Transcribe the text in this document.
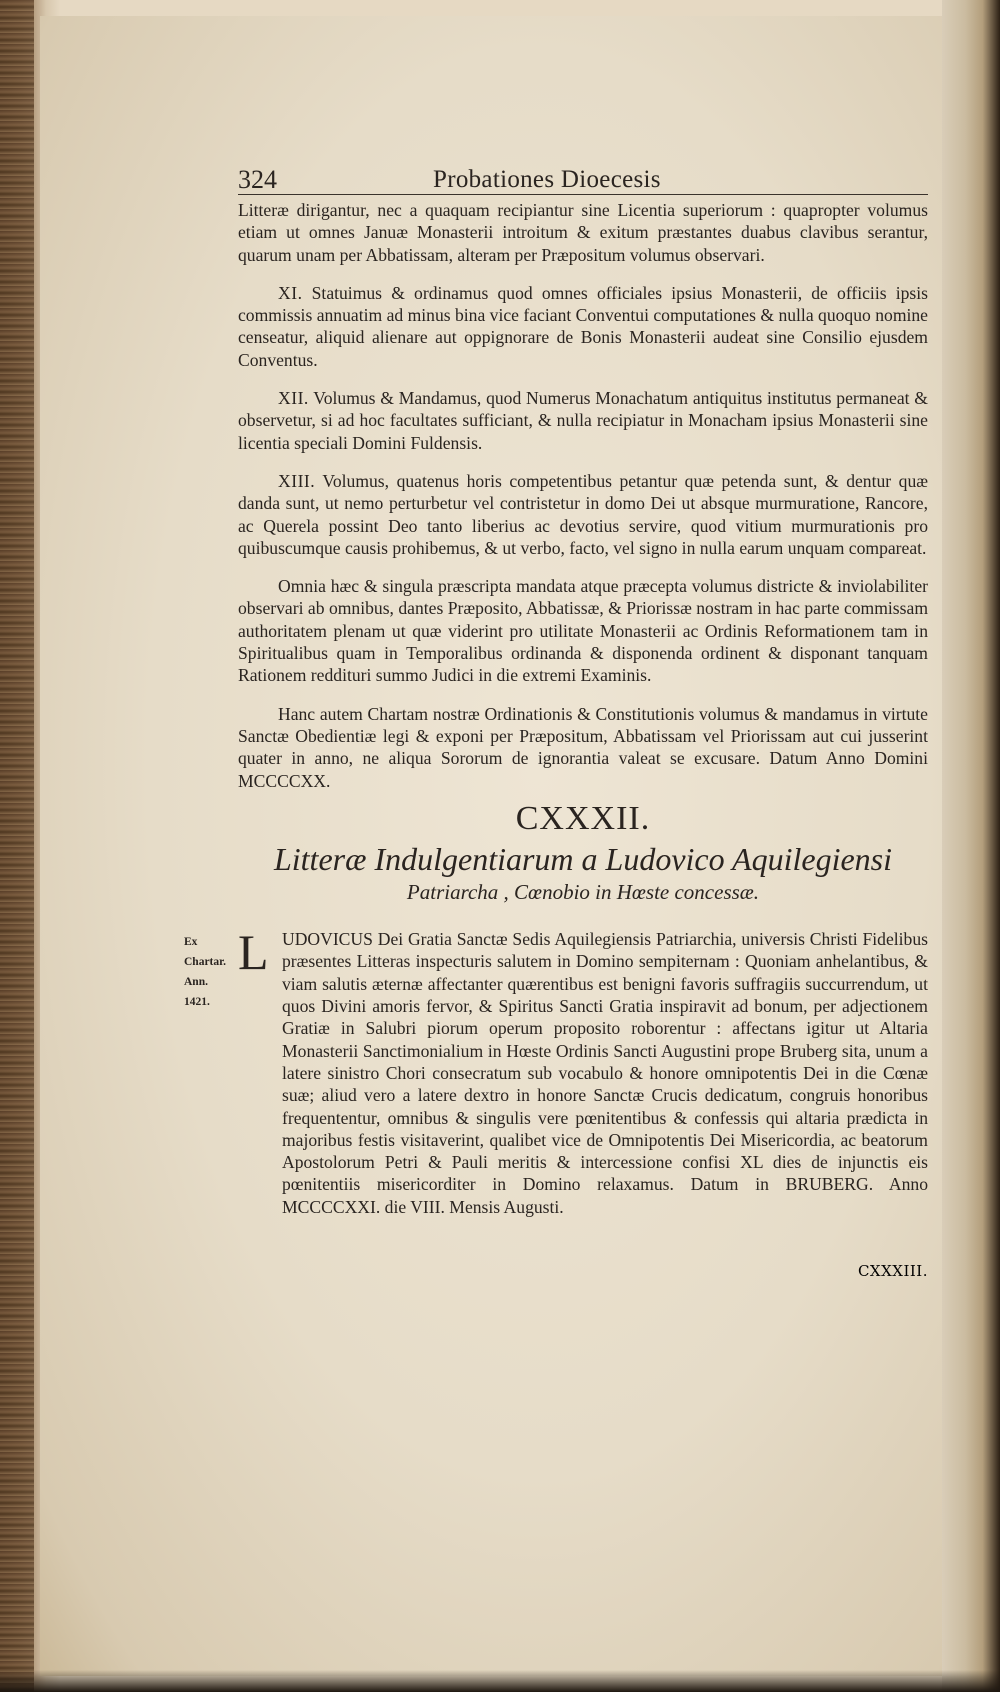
324	Probationes Dioecesis

Litteræ dirigantur, nec a quaquam recipiantur sine Licentia superiorum : quapropter volumus etiam ut omnes Januæ Monasterii introitum & exitum præstantes duabus clavibus serantur, quarum unam per Abbatissam, alteram per Præpositum volumus observari.

XI. Statuimus & ordinamus quod omnes officiales ipsius Monasterii, de officiis ipsis commissis annuatim ad minus bina vice faciant Conventui computationes & nulla quoquo nomine censeatur, aliquid alienare aut oppignorare de Bonis Monasterii audeat sine Consilio ejusdem Conventus.

XII. Volumus & Mandamus, quod Numerus Monachatum antiquitus institutus permaneat & observetur, si ad hoc facultates sufficiant, & nulla recipiatur in Monacham ipsius Monasterii sine licentia speciali Domini Fuldensis.

XIII. Volumus, quatenus horis competentibus petantur quæ petenda sunt, & dentur quæ danda sunt, ut nemo perturbetur vel contristetur in domo Dei ut absque murmuratione, Rancore, ac Querela possint Deo tanto liberius ac devotius servire, quod vitium murmurationis pro quibuscumque causis prohibemus, & ut verbo, facto, vel signo in nulla earum unquam compareat.

Omnia hæc & singula præscripta mandata atque præcepta volumus districte & inviolabiliter observari ab omnibus, dantes Præposito, Abbatissæ, & Priorissæ nostram in hac parte commissam authoritatem plenam ut quæ viderint pro utilitate Monasterii ac Ordinis Reformationem tam in Spiritualibus quam in Temporalibus ordinanda & disponenda ordinent & disponant tanquam Rationem reddituri summo Judici in die extremi Examinis.

Hanc autem Chartam nostræ Ordinationis & Constitutionis volumus & mandamus in virtute Sanctæ Obedientiæ legi & exponi per Præpositum, Abbatissam vel Priorissam aut cui jusserint quater in anno, ne aliqua Sororum de ignorantia valeat se excusare. Datum Anno Domini MCCCCXX.

CXXXII.
Litteræ Indulgentiarum a Ludovico Aquilegiensi
Patriarcha , Cœnobio in Hœste concessæ.
Ex Chartar.
Ann. 1421.
L UDOVICUS Dei Gratia Sanctæ Sedis Aquilegiensis Patriarchia, universis Christi Fidelibus præsentes Litteras inspecturis salutem in Domino sempiternam : Quoniam anhelantibus, & viam salutis æternæ affectanter quærentibus est benigni favoris suffragiis succurrendum, ut quos Divini amoris fervor, & Spiritus Sancti Gratia inspiravit ad bonum, per adjectionem Gratiæ in Salubri piorum operum proposito roborentur : affectans igitur ut Altaria Monasterii Sanctimonialium in Hœste Ordinis Sancti Augustini prope Bruberg sita, unum a latere sinistro Chori consecratum sub vocabulo & honore omnipotentis Dei in die Cœnæ suæ; aliud vero a latere dextro in honore Sanctæ Crucis dedicatum, congruis honoribus frequententur, omnibus & singulis vere pœnitentibus & confessis qui altaria prædicta in majoribus festis visitaverint, qualibet vice de Omnipotentis Dei Misericordia, ac beatorum Apostolorum Petri & Pauli meritis & intercessione confisi XL dies de injunctis eis pœnitentiis misericorditer in Domino relaxamus. Datum in BRUBERG. Anno MCCCCXXI. die VIII. Mensis Augusti.

CXXXIII.
